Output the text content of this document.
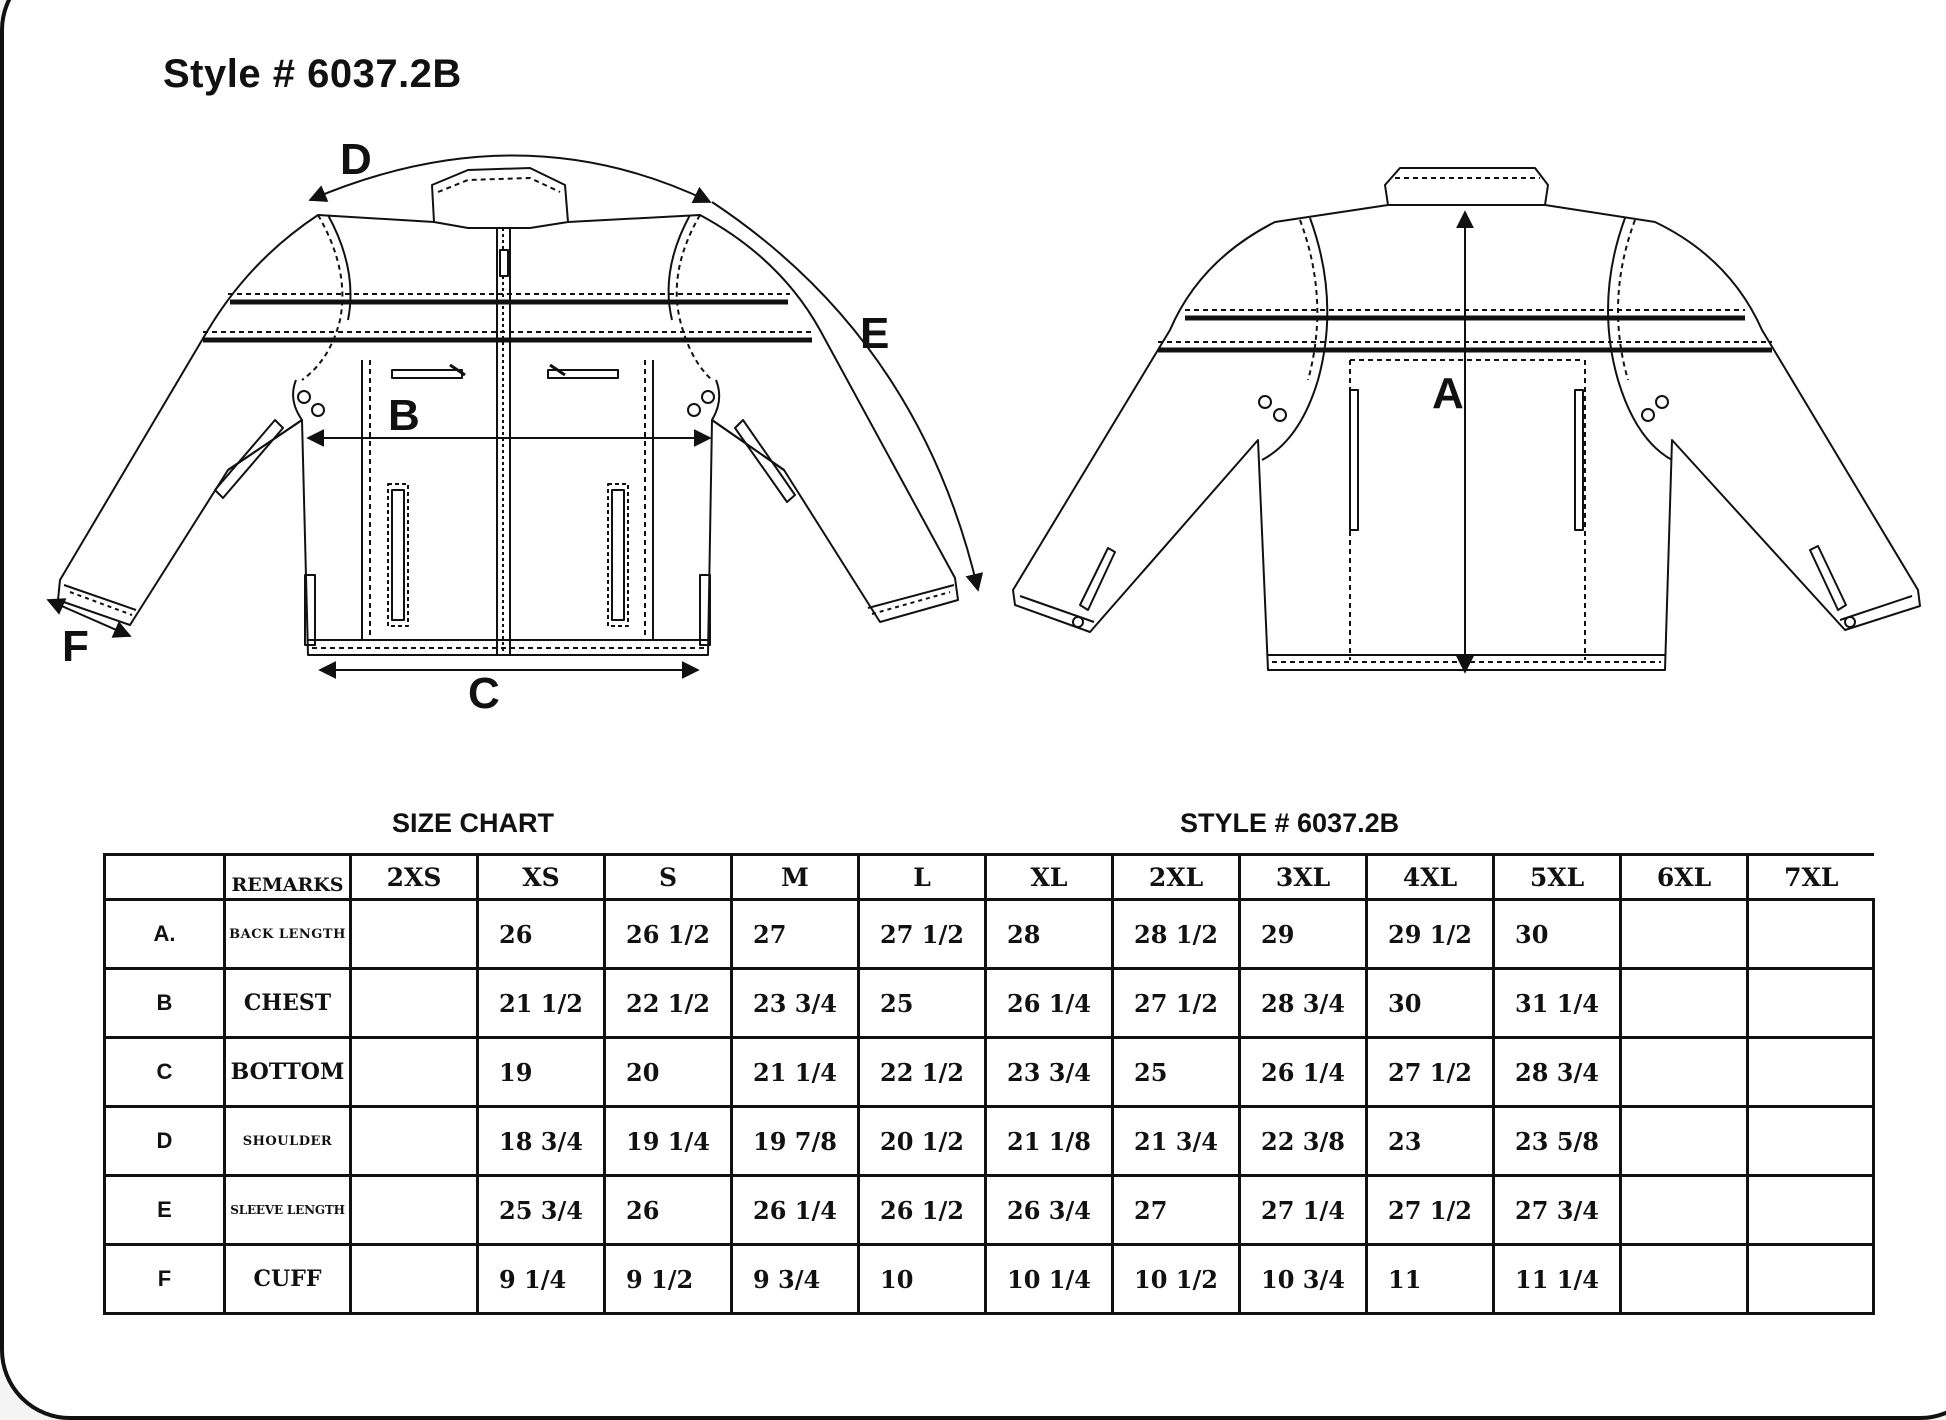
Style # 6037.2B
D
E
B	A
F
C
SIZE CHART	STYLE # 6037.2B
	REMARKS	2XS	XS	S	M	L	XL	2XL	3XL	4XL	5XL	6XL	7XL
A.	BACK LENGTH		26	26 1/2	27	27 1/2	28	28 1/2	29	29 1/2	30		
B	CHEST		21 1/2	22 1/2	23 3/4	25	26 1/4	27 1/2	28 3/4	30	31 1/4		
C	BOTTOM		19	20	21 1/4	22 1/2	23 3/4	25	26 1/4	27 1/2	28 3/4		
D	SHOULDER		18 3/4	19 1/4	19 7/8	20 1/2	21 1/8	21 3/4	22 3/8	23	23 5/8		
E	SLEEVE LENGTH		25 3/4	26	26 1/4	26 1/2	26 3/4	27	27 1/4	27 1/2	27 3/4		
F	CUFF		9 1/4	9 1/2	9 3/4	10	10 1/4	10 1/2	10 3/4	11	11 1/4		
